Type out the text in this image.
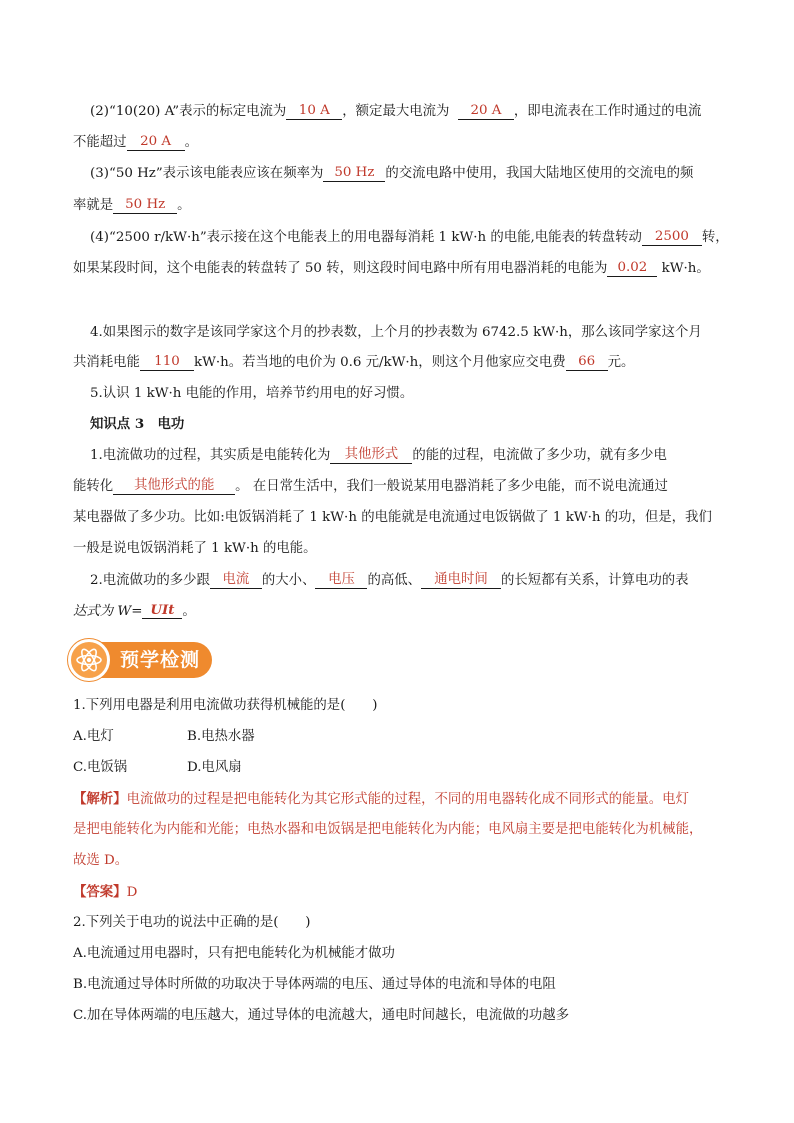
(2)“10(20) A”表示的标定电流为 10 A ，额定最大电流为 20 A ，即电流表在工作时通过的电流
不能超过 20 A 。
(3)“50 Hz”表示该电能表应该在频率为 50 Hz 的交流电路中使用，我国大陆地区使用的交流电的频
率就是 50 Hz 。
(4)“2500 r/kW·h”表示接在这个电能表上的用电器每消耗 1 kW·h 的电能,电能表的转盘转动 2500 转，
如果某段时间，这个电能表的转盘转了 50 转，则这段时间电路中所有用电器消耗的电能为 0.02 kW·h。
4.如果图示的数字是该同学家这个月的抄表数，上个月的抄表数为 6742.5 kW·h，那么该同学家这个月
共消耗电能 110 kW·h。若当地的电价为 0.6 元/kW·h，则这个月他家应交电费 66 元。
5.认识 1 kW·h 电能的作用，培养节约用电的好习惯。
知识点 3　电功
1.电流做功的过程，其实质是电能转化为 其他形式 的能的过程，电流做了多少功，就有多少电
能转化 其他形式的能 。 在日常生活中，我们一般说某用电器消耗了多少电能，而不说电流通过
某电器做了多少功。比如:电饭锅消耗了 1 kW·h 的电能就是电流通过电饭锅做了 1 kW·h 的功，但是，我们
一般是说电饭锅消耗了 1 kW·h 的电能。
2.电流做功的多少跟 电流 的大小、 电压 的高低、 通电时间 的长短都有关系，计算电功的表
达式为 W= UIt 。
预学检测
1.下列用电器是利用电流做功获得机械能的是(　　)
A.电灯	B.电热水器
C.电饭锅	D.电风扇
【解析】电流做功的过程是把电能转化为其它形式能的过程，不同的用电器转化成不同形式的能量。电灯
是把电能转化为内能和光能；电热水器和电饭锅是把电能转化为内能；电风扇主要是把电能转化为机械能，
故选 D。
【答案】D
2.下列关于电功的说法中正确的是(　　)
A.电流通过用电器时，只有把电能转化为机械能才做功
B.电流通过导体时所做的功取决于导体两端的电压、通过导体的电流和导体的电阻
C.加在导体两端的电压越大，通过导体的电流越大，通电时间越长，电流做的功越多
